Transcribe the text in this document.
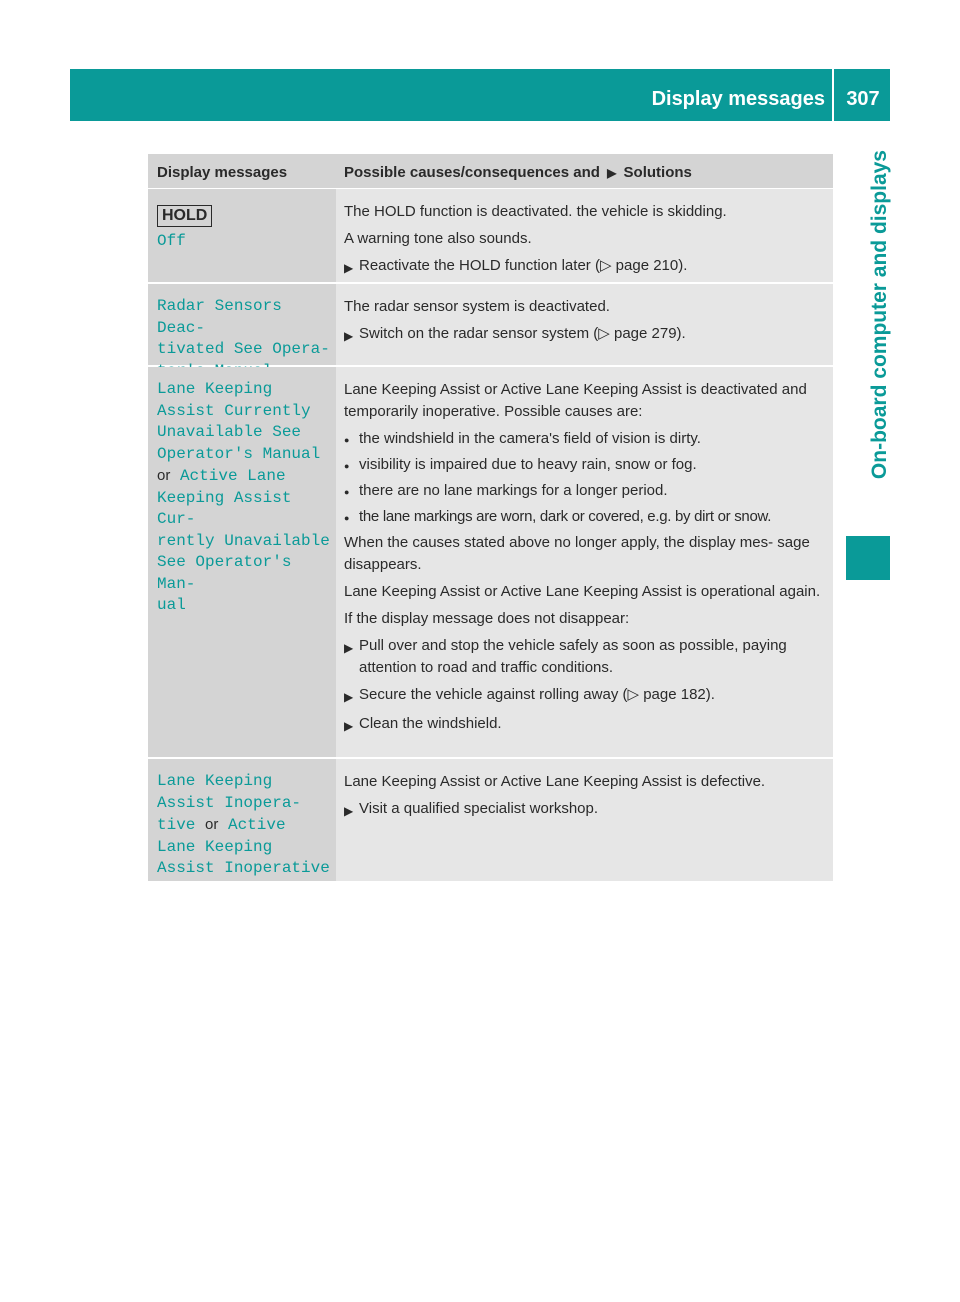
Display messages	307
On-board computer and displays
Display messages	Possible causes/consequences and ▶ Solutions
HOLD
Off
The HOLD function is deactivated. the vehicle is skidding.
A warning tone also sounds.
▶ Reactivate the HOLD function later (▷ page 210).
Radar Sensors Deac‐
tivated See Opera‐
The radar sensor system is deactivated.
▶ Switch on the radar sensor system (▷ page 279).
Lane Keeping
Assist Currently
Unavailable See
Operator's Manual
or Active Lane
Keeping Assist Cur‐
rently Unavailable
See Operator's Man‐
ual
Lane Keeping Assist or Active Lane Keeping Assist is deactivated and temporarily inoperative. Possible causes are:
● the windshield in the camera's field of vision is dirty.
● visibility is impaired due to heavy rain, snow or fog.
● there are no lane markings for a longer period.
● the lane markings are worn, dark or covered, e.g. by dirt or snow.
When the causes stated above no longer apply, the display mes‐ sage disappears.
Lane Keeping Assist or Active Lane Keeping Assist is operational again.
If the display message does not disappear:
▶ Pull over and stop the vehicle safely as soon as possible, paying attention to road and traffic conditions.
▶ Secure the vehicle against rolling away (▷ page 182).
▶ Clean the windshield.
Lane Keeping
Assist Inopera‐
tive or Active
Lane Keeping
Assist Inoperative
Lane Keeping Assist or Active Lane Keeping Assist is defective.
▶ Visit a qualified specialist workshop.
